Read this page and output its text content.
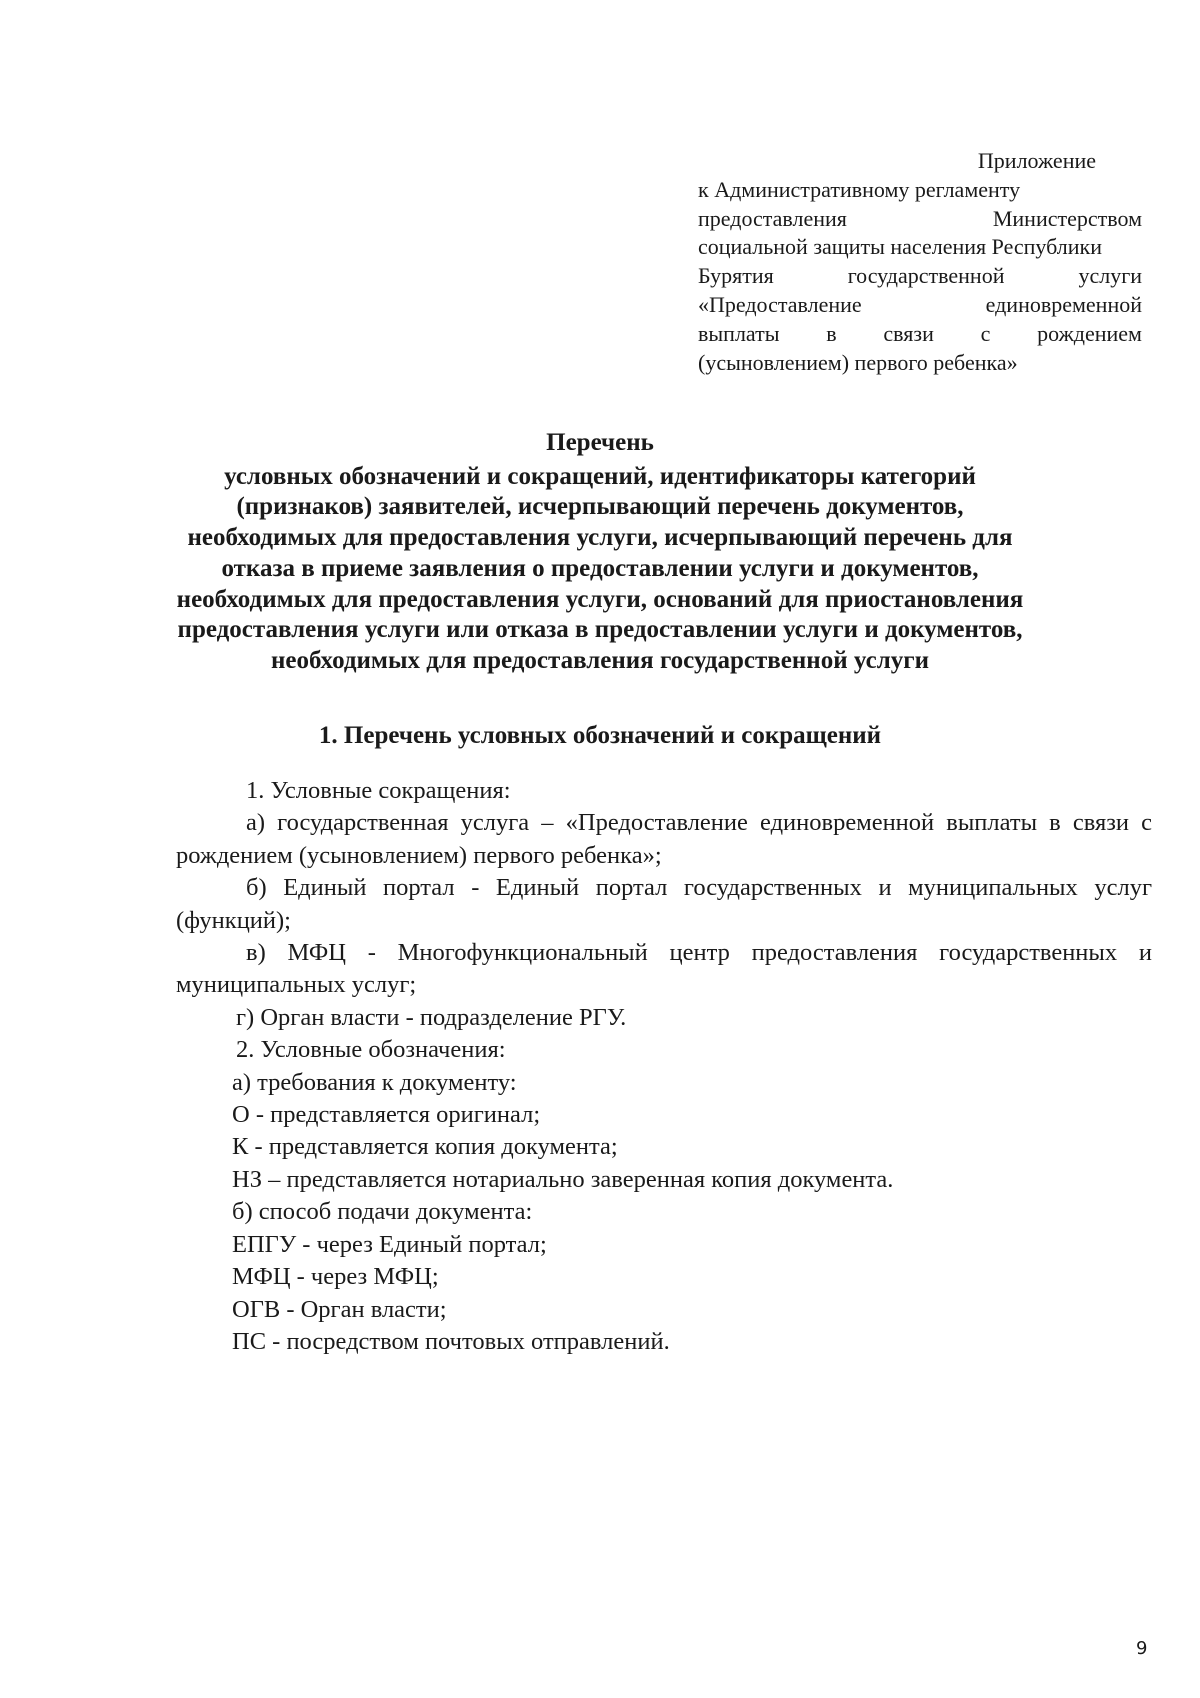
Приложение
к Административному регламенту
предоставления	Министерством
социальной защиты населения Республики
Бурятия	государственной	услуги
«Предоставление	единовременной
выплаты в связи с рождением
(усыновлением) первого ребенка»
Перечень
условных обозначений и сокращений, идентификаторы категорий
(признаков) заявителей, исчерпывающий перечень документов,
необходимых для предоставления услуги, исчерпывающий перечень для
отказа в приеме заявления о предоставлении услуги и документов,
необходимых для предоставления услуги, оснований для приостановления
предоставления услуги или отказа в предоставлении услуги и документов,
необходимых для предоставления государственной услуги
1. Перечень условных обозначений и сокращений
1. Условные сокращения:
а) государственная услуга – «Предоставление единовременной выплаты в связи с рождением (усыновлением) первого ребенка»;
б) Единый портал - Единый портал государственных и муниципальных услуг (функций);
в) МФЦ - Многофункциональный центр предоставления государственных и муниципальных услуг;
г) Орган власти - подразделение РГУ.
2. Условные обозначения:
а) требования к документу:
О - представляется оригинал;
К - представляется копия документа;
НЗ – представляется нотариально заверенная копия документа.
б) способ подачи документа:
ЕПГУ - через Единый портал;
МФЦ - через МФЦ;
ОГВ - Орган власти;
ПС - посредством почтовых отправлений.
9
